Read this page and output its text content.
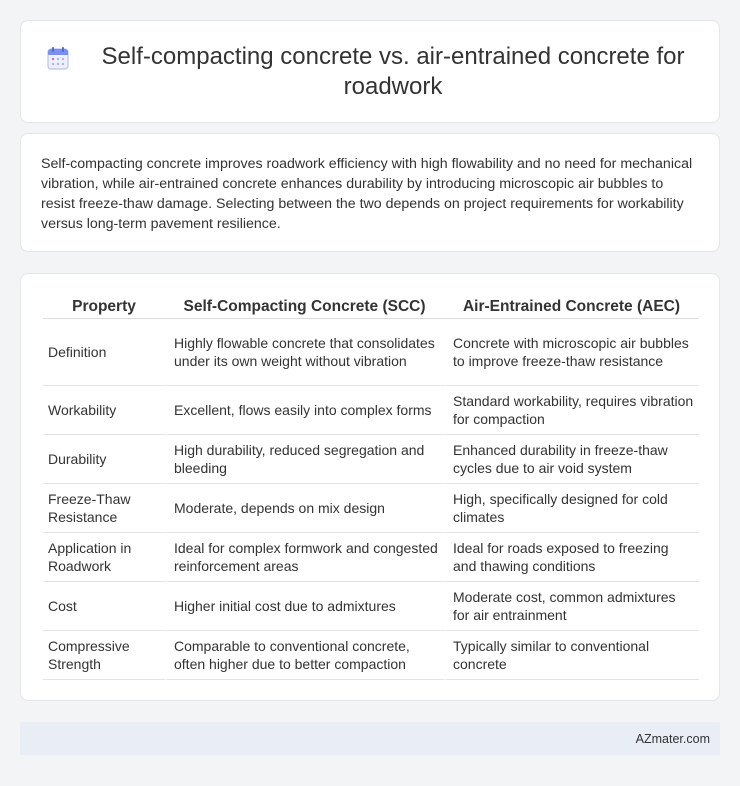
Self-compacting concrete vs. air-entrained concrete for roadwork

Self-compacting concrete improves roadwork efficiency with high flowability and no need for mechanical vibration, while air-entrained concrete enhances durability by introducing microscopic air bubbles to resist freeze-thaw damage. Selecting between the two depends on project requirements for workability versus long-term pavement resilience.

Property	Self-Compacting Concrete (SCC)	Air-Entrained Concrete (AEC)
Definition	Highly flowable concrete that consolidates under its own weight without vibration	Concrete with microscopic air bubbles to improve freeze-thaw resistance
Workability	Excellent, flows easily into complex forms	Standard workability, requires vibration for compaction
Durability	High durability, reduced segregation and bleeding	Enhanced durability in freeze-thaw cycles due to air void system
Freeze-Thaw Resistance	Moderate, depends on mix design	High, specifically designed for cold climates
Application in Roadwork	Ideal for complex formwork and congested reinforcement areas	Ideal for roads exposed to freezing and thawing conditions
Cost	Higher initial cost due to admixtures	Moderate cost, common admixtures for air entrainment
Compressive Strength	Comparable to conventional concrete, often higher due to better compaction	Typically similar to conventional concrete
AZmater.com
